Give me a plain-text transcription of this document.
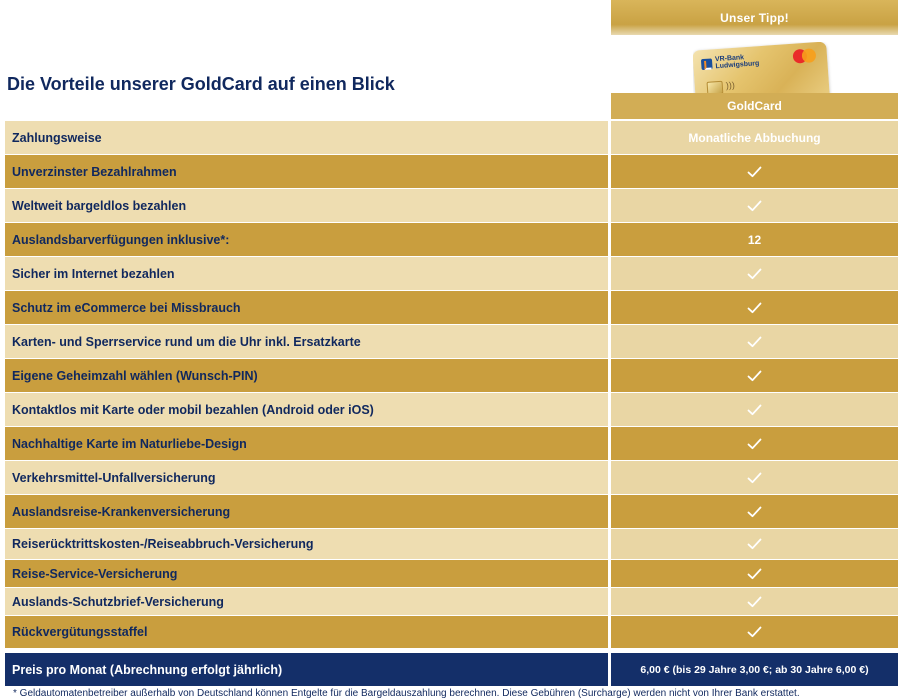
Unser Tipp!
VR-Bank Ludwigsburg
)))
Die Vorteile unserer GoldCard auf einen Blick
GoldCard
Zahlungsweise	Monatliche Abbuchung
Unverzinster Bezahlrahmen
Weltweit bargeldlos bezahlen
Auslandsbarverfügungen inklusive*:	12
Sicher im Internet bezahlen
Schutz im eCommerce bei Missbrauch
Karten- und Sperrservice rund um die Uhr inkl. Ersatzkarte
Eigene Geheimzahl wählen (Wunsch-PIN)
Kontaktlos mit Karte oder mobil bezahlen (Android oder iOS)
Nachhaltige Karte im Naturliebe-Design
Verkehrsmittel-Unfallversicherung
Auslandsreise-Krankenversicherung
Reiserücktrittskosten-/Reiseabbruch-Versicherung
Reise-Service-Versicherung
Auslands-Schutzbrief-Versicherung
Rückvergütungsstaffel
Preis pro Monat (Abrechnung erfolgt jährlich)	6,00 € (bis 29 Jahre 3,00 €; ab 30 Jahre 6,00 €)
* Geldautomatenbetreiber außerhalb von Deutschland können Entgelte für die Bargeldauszahlung berechnen. Diese Gebühren (Surcharge) werden nicht von Ihrer Bank erstattet.
